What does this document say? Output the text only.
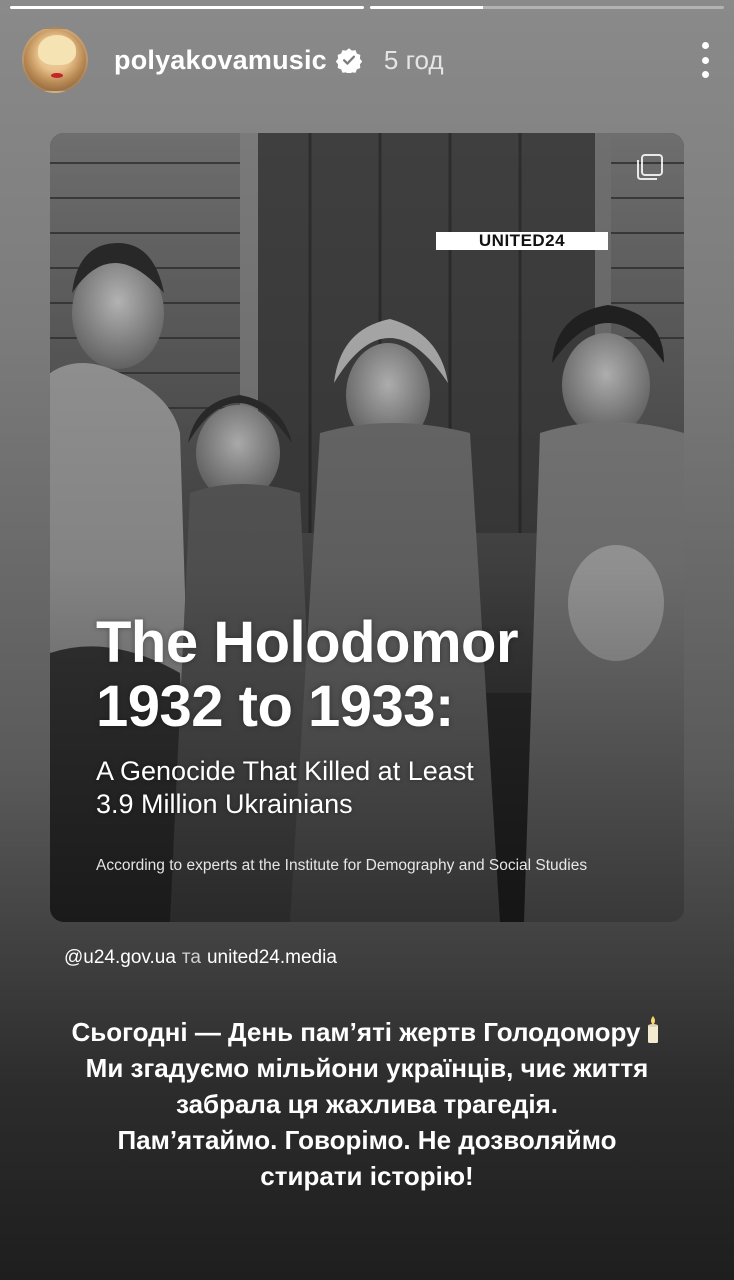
polyakovamusic 5 год
UNITED24
The Holodomor
1932 to 1933:
A Genocide That Killed at Least
3.9 Million Ukrainians
According to experts at the Institute for Demography and Social Studies
@u24.gov.ua та united24.media
Сьогодні — День пам’яті жертв Голодомору
Ми згадуємо мільйони українців, чиє життя
забрала ця жахлива трагедія.
Пам’ятаймо. Говорімо. Не дозволяймо
стирати історію!
